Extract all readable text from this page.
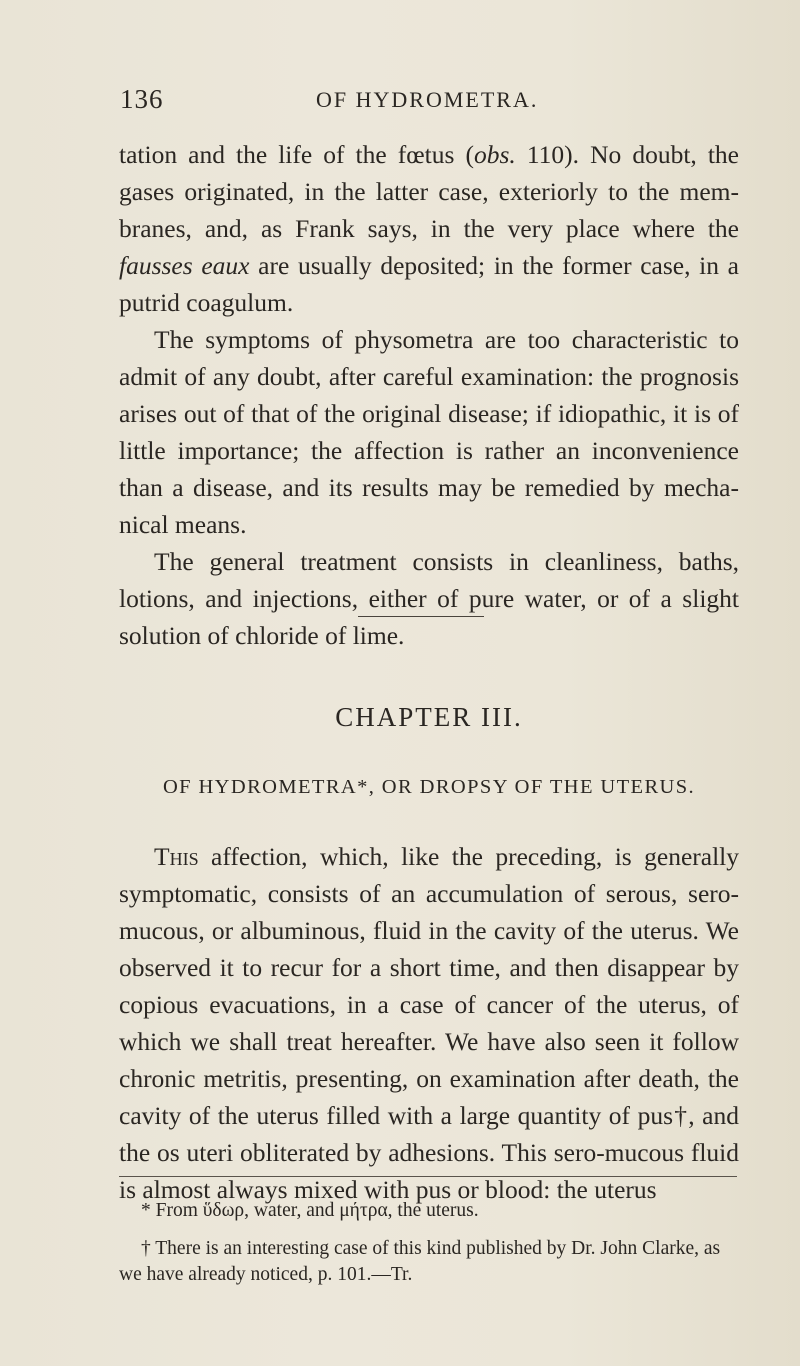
136	OF HYDROMETRA.

tation and the life of the fœtus (obs. 110). No doubt, the gases originated, in the latter case, exteriorly to the membranes, and, as Frank says, in the very place where the fausses eaux are usually deposited; in the former case, in a putrid coagulum.

The symptoms of physometra are too characteristic to admit of any doubt, after careful examination: the prognosis arises out of that of the original disease; if idiopathic, it is of little importance; the affection is rather an inconvenience than a disease, and its results may be remedied by mechanical means.

The general treatment consists in cleanliness, baths, lotions, and injections, either of pure water, or of a slight solution of chloride of lime.

CHAPTER III.
OF HYDROMETRA*, OR DROPSY OF THE UTERUS.

This affection, which, like the preceding, is generally symptomatic, consists of an accumulation of serous, sero-mucous, or albuminous, fluid in the cavity of the uterus. We observed it to recur for a short time, and then disappear by copious evacuations, in a case of cancer of the uterus, of which we shall treat hereafter. We have also seen it follow chronic metritis, presenting, on examination after death, the cavity of the uterus filled with a large quantity of pus†, and the os uteri obliterated by adhesions. This sero-mucous fluid is almost always mixed with pus or blood: the uterus

* From ὕδωρ, water, and μήτρα, the uterus.

† There is an interesting case of this kind published by Dr. John Clarke, as we have already noticed, p. 101.—Tr.
